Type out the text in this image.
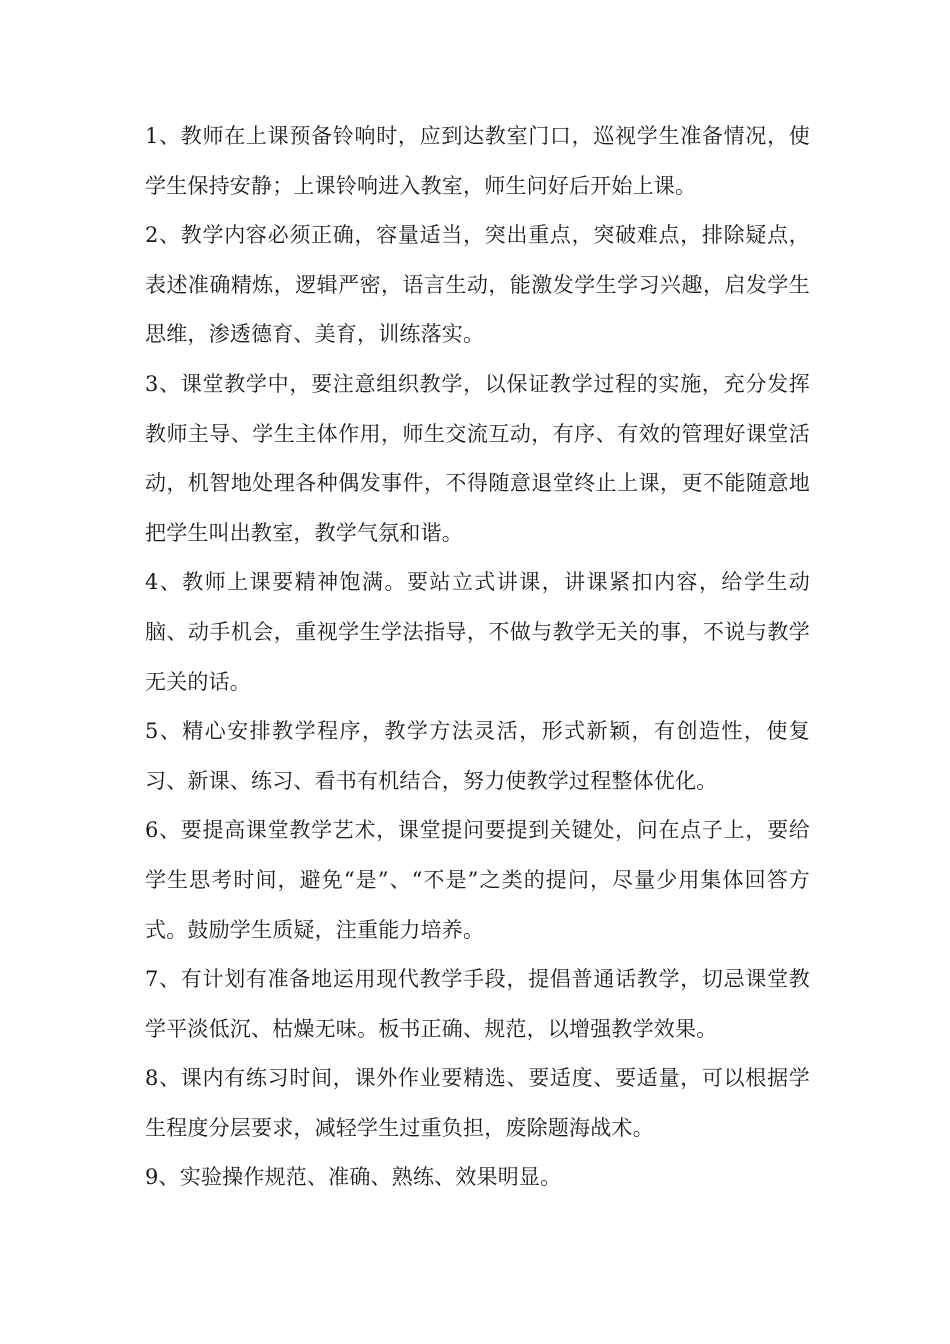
1、教师在上课预备铃响时，应到达教室门口，巡视学生准备情况，使学生保持安静；上课铃响进入教室，师生问好后开始上课。

2、教学内容必须正确，容量适当，突出重点，突破难点，排除疑点，表述准确精炼，逻辑严密，语言生动，能激发学生学习兴趣，启发学生思维，渗透德育、美育，训练落实。

3、课堂教学中，要注意组织教学，以保证教学过程的实施，充分发挥教师主导、学生主体作用，师生交流互动，有序、有效的管理好课堂活动，机智地处理各种偶发事件，不得随意退堂终止上课，更不能随意地把学生叫出教室，教学气氛和谐。

4、教师上课要精神饱满。要站立式讲课，讲课紧扣内容，给学生动脑、动手机会，重视学生学法指导，不做与教学无关的事，不说与教学无关的话。

5、精心安排教学程序，教学方法灵活，形式新颖，有创造性，使复习、新课、练习、看书有机结合，努力使教学过程整体优化。

6、要提高课堂教学艺术，课堂提问要提到关键处，问在点子上，要给学生思考时间，避免“是”、“不是”之类的提问，尽量少用集体回答方式。鼓励学生质疑，注重能力培养。

7、有计划有准备地运用现代教学手段，提倡普通话教学，切忌课堂教学平淡低沉、枯燥无味。板书正确、规范，以增强教学效果。

8、课内有练习时间，课外作业要精选、要适度、要适量，可以根据学生程度分层要求，减轻学生过重负担，废除题海战术。

9、实验操作规范、准确、熟练、效果明显。
